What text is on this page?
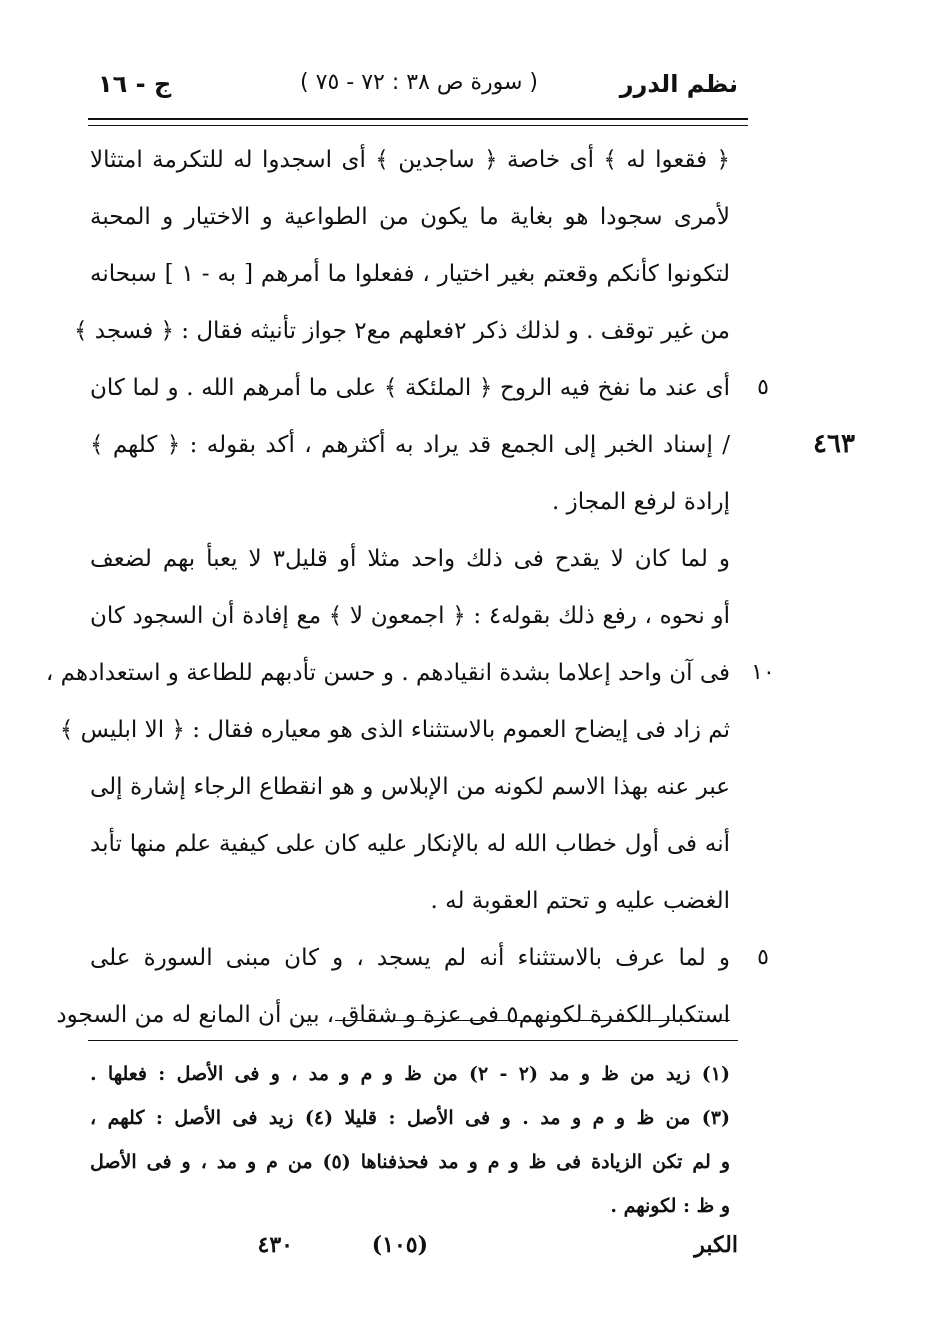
نظم الدرر
( سورة ص ٣٨ : ٧٢ - ٧٥ )
ج - ١٦
٤٦٣
﴿ فقعوا له ﴾ أى خاصة ﴿ ساجدين ﴾ أى اسجدوا له للتكرمة امتثالا
لأمرى سجودا هو بغاية ما يكون من الطواعية و الاختيار و المحبة
لتكونوا كأنكم وقعتم بغير اختيار ، ففعلوا ما أمرهم [ به - ١ ] سبحانه
من غير توقف . و لذلك ذكر ٢فعلهم مع٢ جواز تأنيثه فقال : ﴿ فسجد ﴾
أى عند ما نفخ فيه الروح ﴿ الملئكة ﴾ على ما أمرهم الله . و لما كان	٥
/ إسناد الخبر إلى الجمع قد يراد به أكثرهم ، أكد بقوله : ﴿ كلهم ﴾
إرادة لرفع المجاز .
و لما كان لا يقدح فى ذلك واحد مثلا أو قليل٣ لا يعبأ بهم لضعف
أو نحوه ، رفع ذلك بقوله٤ : ﴿ اجمعون لا ﴾ مع إفادة أن السجود كان
فى آن واحد إعلاما بشدة انقيادهم . و حسن تأدبهم للطاعة و استعدادهم ، ١٠
ثم زاد فى إيضاح العموم بالاستثناء الذى هو معياره فقال : ﴿ الا ابليس ﴾
عبر عنه بهذا الاسم لكونه من الإبلاس و هو انقطاع الرجاء إشارة إلى
أنه فى أول خطاب الله له بالإنكار عليه كان على كيفية علم منها تأبد
الغضب عليه و تحتم العقوبة له .
و لما عرف بالاستثناء أنه لم يسجد ، و كان مبنى السورة على	٥
استكبار الكفرة لكونهم٥ فى عزة و شقاق ، بين أن المانع له من السجود
(١) زيد من ظ و مد (٢ - ٢) من ظ و م و مد ، و فى الأصل : فعلها .
(٣) من ظ و م و مد . و فى الأصل : قليلا (٤) زيد فى الأصل : كلهم ،
و لم تكن الزيادة فى ظ و م و مد فحذفناها (٥) من م و مد ، و فى الأصل
و ظ : لكونهم .
الكبر
(١٠٥)
٤٣٠
